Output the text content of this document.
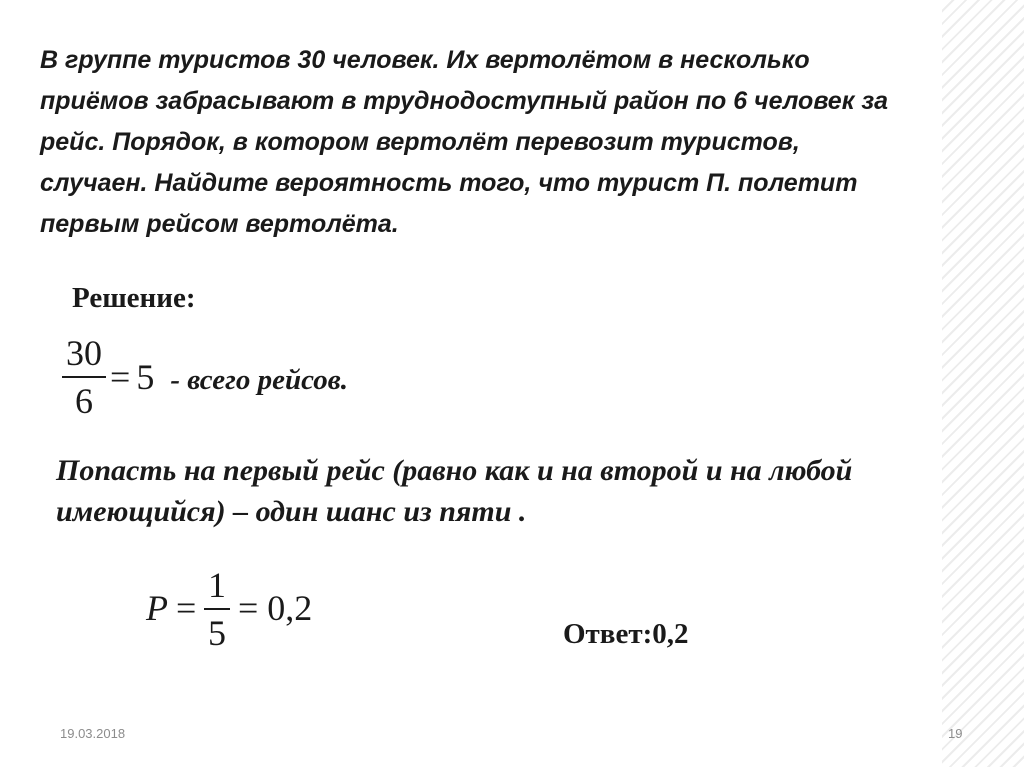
В группе туристов 30 человек. Их вертолётом в несколько
приёмов забрасывают в труднодоступный район по 6 человек за
рейс. Порядок, в котором вертолёт перевозит туристов,
случаен. Найдите вероятность того, что турист П. полетит
первым рейсом вертолёта.
Решение:
30
6
= 5 - всего рейсов.
Попасть на первый рейс (равно как и на второй и на любой
имеющийся) – один шанс из пяти .
P =
1
5
= 0,2
Ответ:0,2
19.03.2018	19
